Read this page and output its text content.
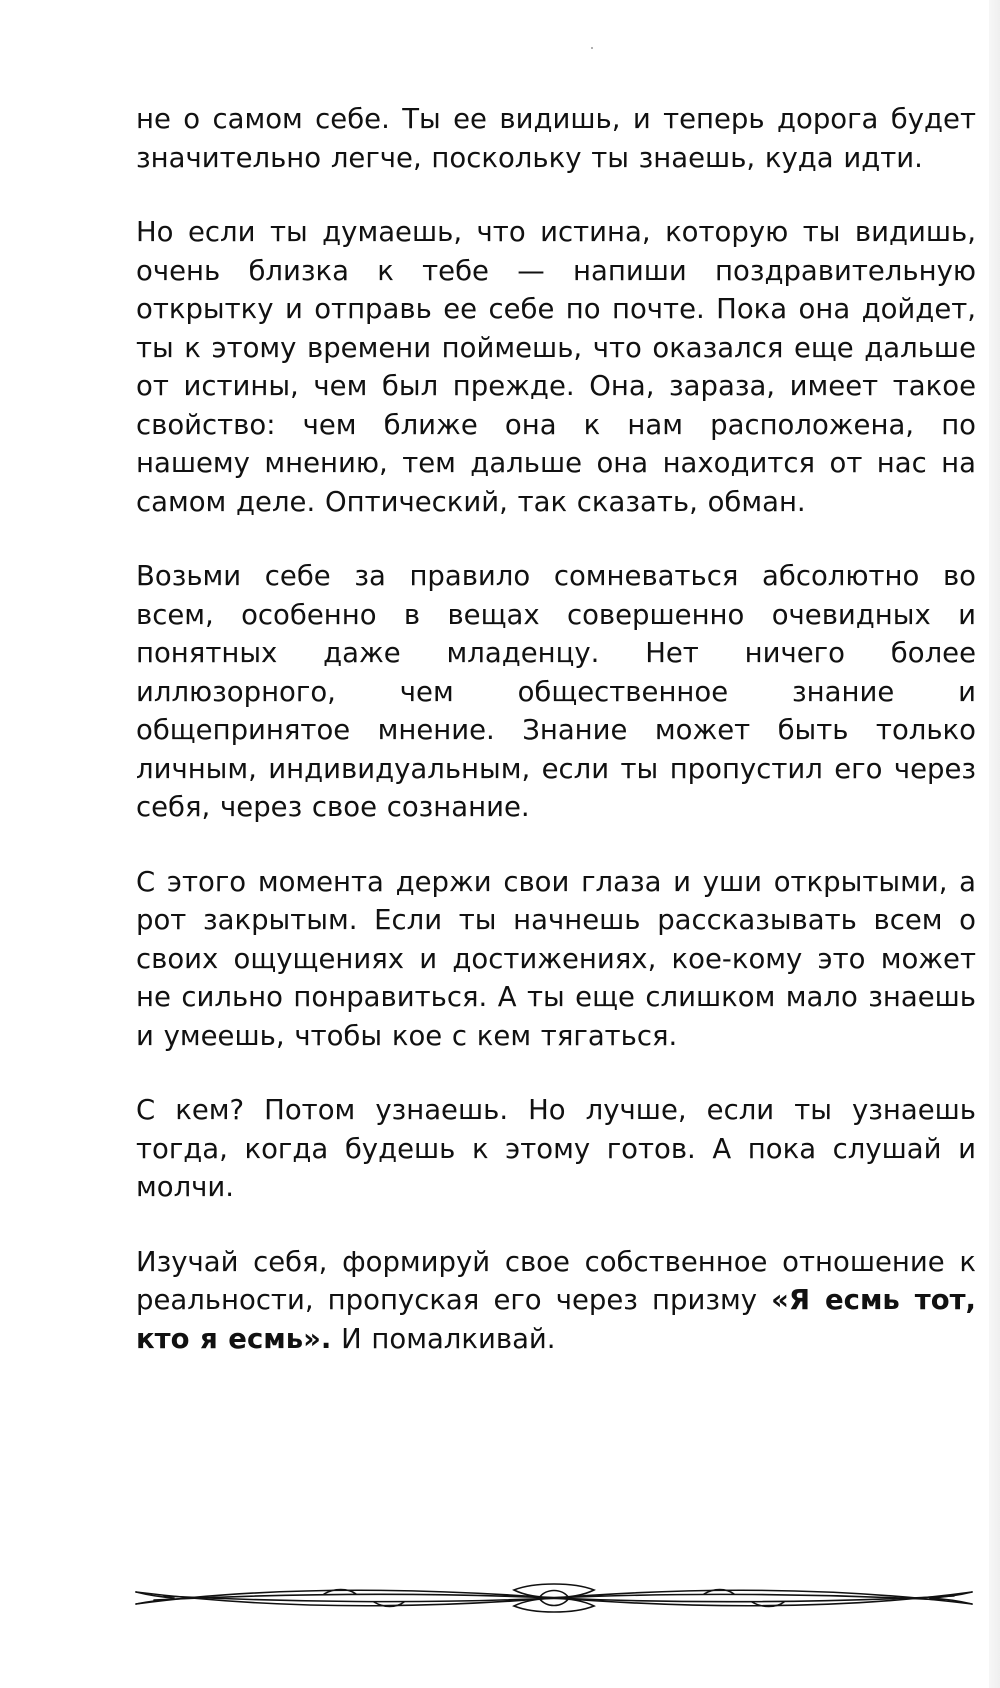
не о самом себе. Ты ее видишь, и теперь дорога будет значительно легче, поскольку ты знаешь, куда идти.

Но если ты думаешь, что истина, которую ты видишь, очень близка к тебе — напиши поздравительную открытку и отправь ее себе по почте. Пока она дойдет, ты к этому времени поймешь, что оказался еще дальше от истины, чем был прежде. Она, зараза, имеет такое свойство: чем ближе она к нам расположена, по нашему мнению, тем дальше она находится от нас на самом деле. Оптический, так сказать, обман.

Возьми себе за правило сомневаться абсолютно во всем, особенно в вещах совершенно очевидных и понятных даже младенцу. Нет ничего более иллюзорного, чем общественное знание и общепринятое мнение. Знание может быть только личным, индивидуальным, если ты пропустил его через себя, через свое сознание.

С этого момента держи свои глаза и уши открытыми, а рот закрытым. Если ты начнешь рассказывать всем о своих ощущениях и достижениях, кое-кому это может не сильно понравиться. А ты еще слишком мало знаешь и умеешь, чтобы кое с кем тягаться.

С кем? Потом узнаешь. Но лучше, если ты узнаешь тогда, когда будешь к этому готов. А пока слушай и молчи.

Изучай себя, формируй свое собственное отношение к реальности, пропуская его через призму «Я есмь тот, кто я есмь». И помалкивай.
